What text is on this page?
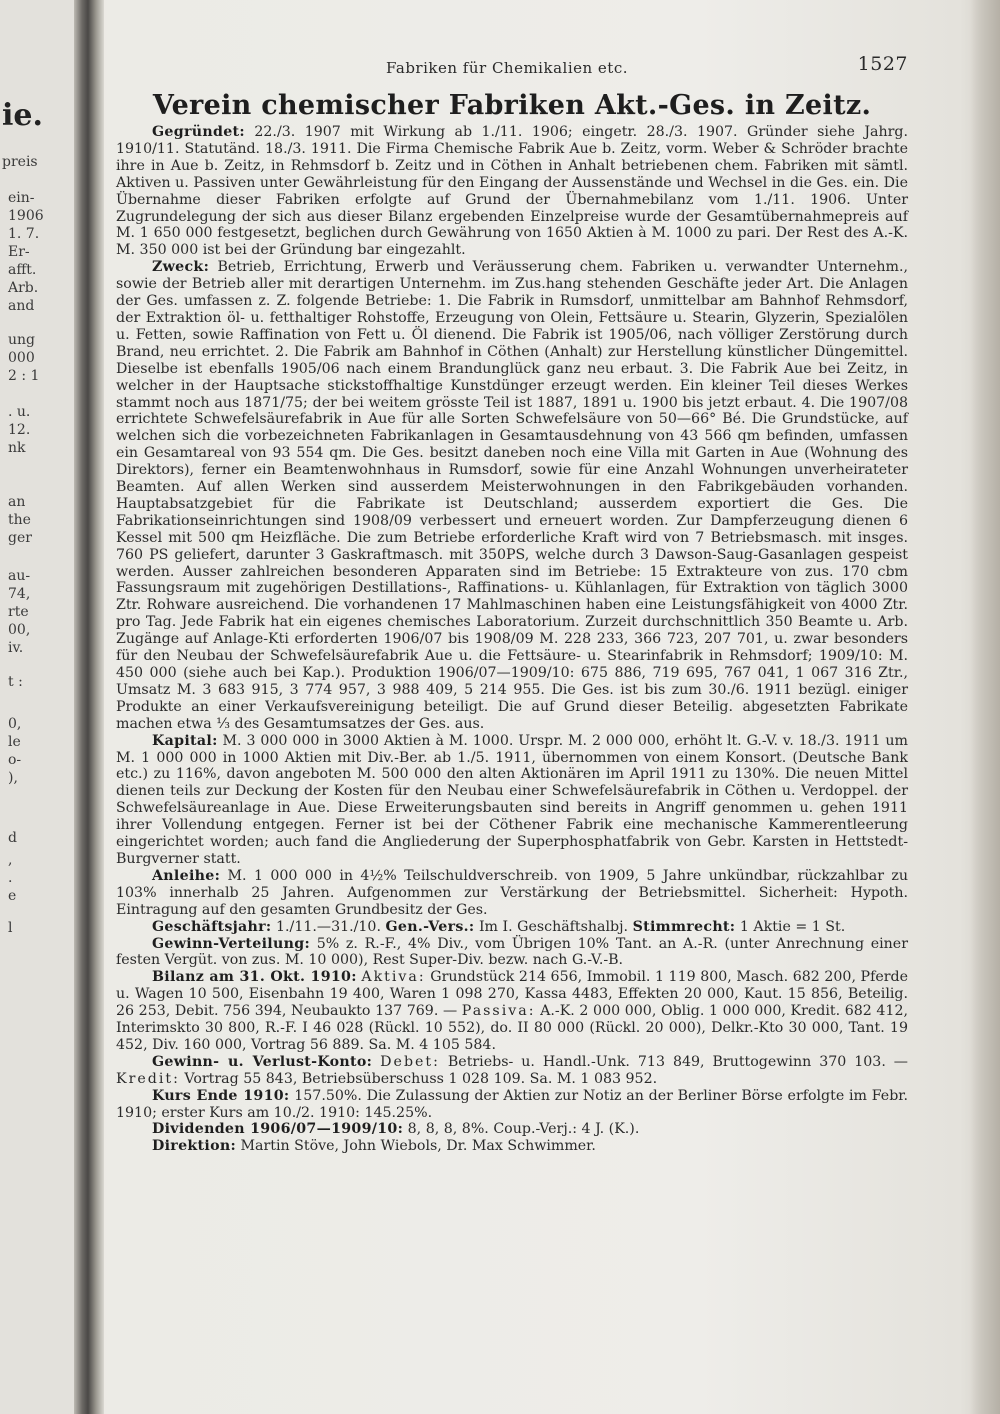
ie.
preis
ein-
1906
1. 7.
Er-
afft.
Arb.
and
ung
000
2 : 1
. u.
12.
nk
an
the
ger
au-
74,
rte
00,
iv.
t :
0,
le
o-
),
d
,
.
e
l
Fabriken für Chemikalien etc.	1527
Verein chemischer Fabriken Akt.-Ges. in Zeitz.

Gegründet: 22./3. 1907 mit Wirkung ab 1./11. 1906; eingetr. 28./3. 1907. Gründer siehe Jahrg. 1910/11. Statutänd. 18./3. 1911. Die Firma Chemische Fabrik Aue b. Zeitz, vorm. Weber & Schröder brachte ihre in Aue b. Zeitz, in Rehmsdorf b. Zeitz und in Cöthen in Anhalt betriebenen chem. Fabriken mit sämtl. Aktiven u. Passiven unter Gewährleistung für den Eingang der Aussenstände und Wechsel in die Ges. ein. Die Übernahme dieser Fabriken erfolgte auf Grund der Übernahmebilanz vom 1./11. 1906. Unter Zugrundelegung der sich aus dieser Bilanz ergebenden Einzelpreise wurde der Gesamtübernahmepreis auf M. 1 650 000 festgesetzt, beglichen durch Gewährung von 1650 Aktien à M. 1000 zu pari. Der Rest des A.-K. M. 350 000 ist bei der Gründung bar eingezahlt.

Zweck: Betrieb, Errichtung, Erwerb und Veräusserung chem. Fabriken u. verwandter Unternehm., sowie der Betrieb aller mit derartigen Unternehm. im Zus.hang stehenden Geschäfte jeder Art. Die Anlagen der Ges. umfassen z. Z. folgende Betriebe: 1. Die Fabrik in Rumsdorf, unmittelbar am Bahnhof Rehmsdorf, der Extraktion öl- u. fetthaltiger Rohstoffe, Erzeugung von Olein, Fettsäure u. Stearin, Glyzerin, Spezialölen u. Fetten, sowie Raffination von Fett u. Öl dienend. Die Fabrik ist 1905/06, nach völliger Zerstörung durch Brand, neu errichtet. 2. Die Fabrik am Bahnhof in Cöthen (Anhalt) zur Herstellung künstlicher Düngemittel. Dieselbe ist ebenfalls 1905/06 nach einem Brandunglück ganz neu erbaut. 3. Die Fabrik Aue bei Zeitz, in welcher in der Hauptsache stickstoffhaltige Kunstdünger erzeugt werden. Ein kleiner Teil dieses Werkes stammt noch aus 1871/75; der bei weitem grösste Teil ist 1887, 1891 u. 1900 bis jetzt erbaut. 4. Die 1907/08 errichtete Schwefelsäurefabrik in Aue für alle Sorten Schwefelsäure von 50—66° Bé. Die Grundstücke, auf welchen sich die vorbezeichneten Fabrikanlagen in Gesamtausdehnung von 43 566 qm befinden, umfassen ein Gesamtareal von 93 554 qm. Die Ges. besitzt daneben noch eine Villa mit Garten in Aue (Wohnung des Direktors), ferner ein Beamtenwohnhaus in Rumsdorf, sowie für eine Anzahl Wohnungen unverheirateter Beamten. Auf allen Werken sind ausserdem Meisterwohnungen in den Fabrikgebäuden vorhanden. Hauptabsatzgebiet für die Fabrikate ist Deutschland; ausserdem exportiert die Ges. Die Fabrikationseinrichtungen sind 1908/09 verbessert und erneuert worden. Zur Dampferzeugung dienen 6 Kessel mit 500 qm Heizfläche. Die zum Betriebe erforderliche Kraft wird von 7 Betriebsmasch. mit insges. 760 PS geliefert, darunter 3 Gaskraftmasch. mit 350PS, welche durch 3 Dawson-Saug-Gasanlagen gespeist werden. Ausser zahlreichen besonderen Apparaten sind im Betriebe: 15 Extrakteure von zus. 170 cbm Fassungsraum mit zugehörigen Destillations-, Raffinations- u. Kühlanlagen, für Extraktion von täglich 3000 Ztr. Rohware ausreichend. Die vorhandenen 17 Mahlmaschinen haben eine Leistungsfähigkeit von 4000 Ztr. pro Tag. Jede Fabrik hat ein eigenes chemisches Laboratorium. Zurzeit durchschnittlich 350 Beamte u. Arb. Zugänge auf Anlage-Kti erforderten 1906/07 bis 1908/09 M. 228 233, 366 723, 207 701, u. zwar besonders für den Neubau der Schwefelsäurefabrik Aue u. die Fettsäure- u. Stearinfabrik in Rehmsdorf; 1909/10: M. 450 000 (siehe auch bei Kap.). Produktion 1906/07—1909/10: 675 886, 719 695, 767 041, 1 067 316 Ztr., Umsatz M. 3 683 915, 3 774 957, 3 988 409, 5 214 955. Die Ges. ist bis zum 30./6. 1911 bezügl. einiger Produkte an einer Verkaufsvereinigung beteiligt. Die auf Grund dieser Beteilig. abgesetzten Fabrikate machen etwa ⅓ des Gesamtumsatzes der Ges. aus.

Kapital: M. 3 000 000 in 3000 Aktien à M. 1000. Urspr. M. 2 000 000, erhöht lt. G.-V. v. 18./3. 1911 um M. 1 000 000 in 1000 Aktien mit Div.-Ber. ab 1./5. 1911, übernommen von einem Konsort. (Deutsche Bank etc.) zu 116%, davon angeboten M. 500 000 den alten Aktionären im April 1911 zu 130%. Die neuen Mittel dienen teils zur Deckung der Kosten für den Neubau einer Schwefelsäurefabrik in Cöthen u. Verdoppel. der Schwefelsäureanlage in Aue. Diese Erweiterungsbauten sind bereits in Angriff genommen u. gehen 1911 ihrer Vollendung entgegen. Ferner ist bei der Cöthener Fabrik eine mechanische Kammerentleerung eingerichtet worden; auch fand die Angliederung der Superphosphatfabrik von Gebr. Karsten in Hettstedt-Burgverner statt.

Anleihe: M. 1 000 000 in 4½% Teilschuldverschreib. von 1909, 5 Jahre unkündbar, rückzahlbar zu 103% innerhalb 25 Jahren. Aufgenommen zur Verstärkung der Betriebsmittel. Sicherheit: Hypoth. Eintragung auf den gesamten Grundbesitz der Ges.

Geschäftsjahr: 1./11.—31./10. Gen.-Vers.: Im I. Geschäftshalbj. Stimmrecht: 1 Aktie = 1 St.

Gewinn-Verteilung: 5% z. R.-F., 4% Div., vom Übrigen 10% Tant. an A.-R. (unter Anrechnung einer festen Vergüt. von zus. M. 10 000), Rest Super-Div. bezw. nach G.-V.-B.

Bilanz am 31. Okt. 1910: Aktiva: Grundstück 214 656, Immobil. 1 119 800, Masch. 682 200, Pferde u. Wagen 10 500, Eisenbahn 19 400, Waren 1 098 270, Kassa 4483, Effekten 20 000, Kaut. 15 856, Beteilig. 26 253, Debit. 756 394, Neubaukto 137 769. — Passiva: A.-K. 2 000 000, Oblig. 1 000 000, Kredit. 682 412, Interimskto 30 800, R.-F. I 46 028 (Rückl. 10 552), do. II 80 000 (Rückl. 20 000), Delkr.-Kto 30 000, Tant. 19 452, Div. 160 000, Vortrag 56 889. Sa. M. 4 105 584.

Gewinn- u. Verlust-Konto: Debet: Betriebs- u. Handl.-Unk. 713 849, Bruttogewinn 370 103. — Kredit: Vortrag 55 843, Betriebsüberschuss 1 028 109. Sa. M. 1 083 952.

Kurs Ende 1910: 157.50%. Die Zulassung der Aktien zur Notiz an der Berliner Börse erfolgte im Febr. 1910; erster Kurs am 10./2. 1910: 145.25%.

Dividenden 1906/07—1909/10: 8, 8, 8, 8%. Coup.-Verj.: 4 J. (K.).

Direktion: Martin Stöve, John Wiebols, Dr. Max Schwimmer.
